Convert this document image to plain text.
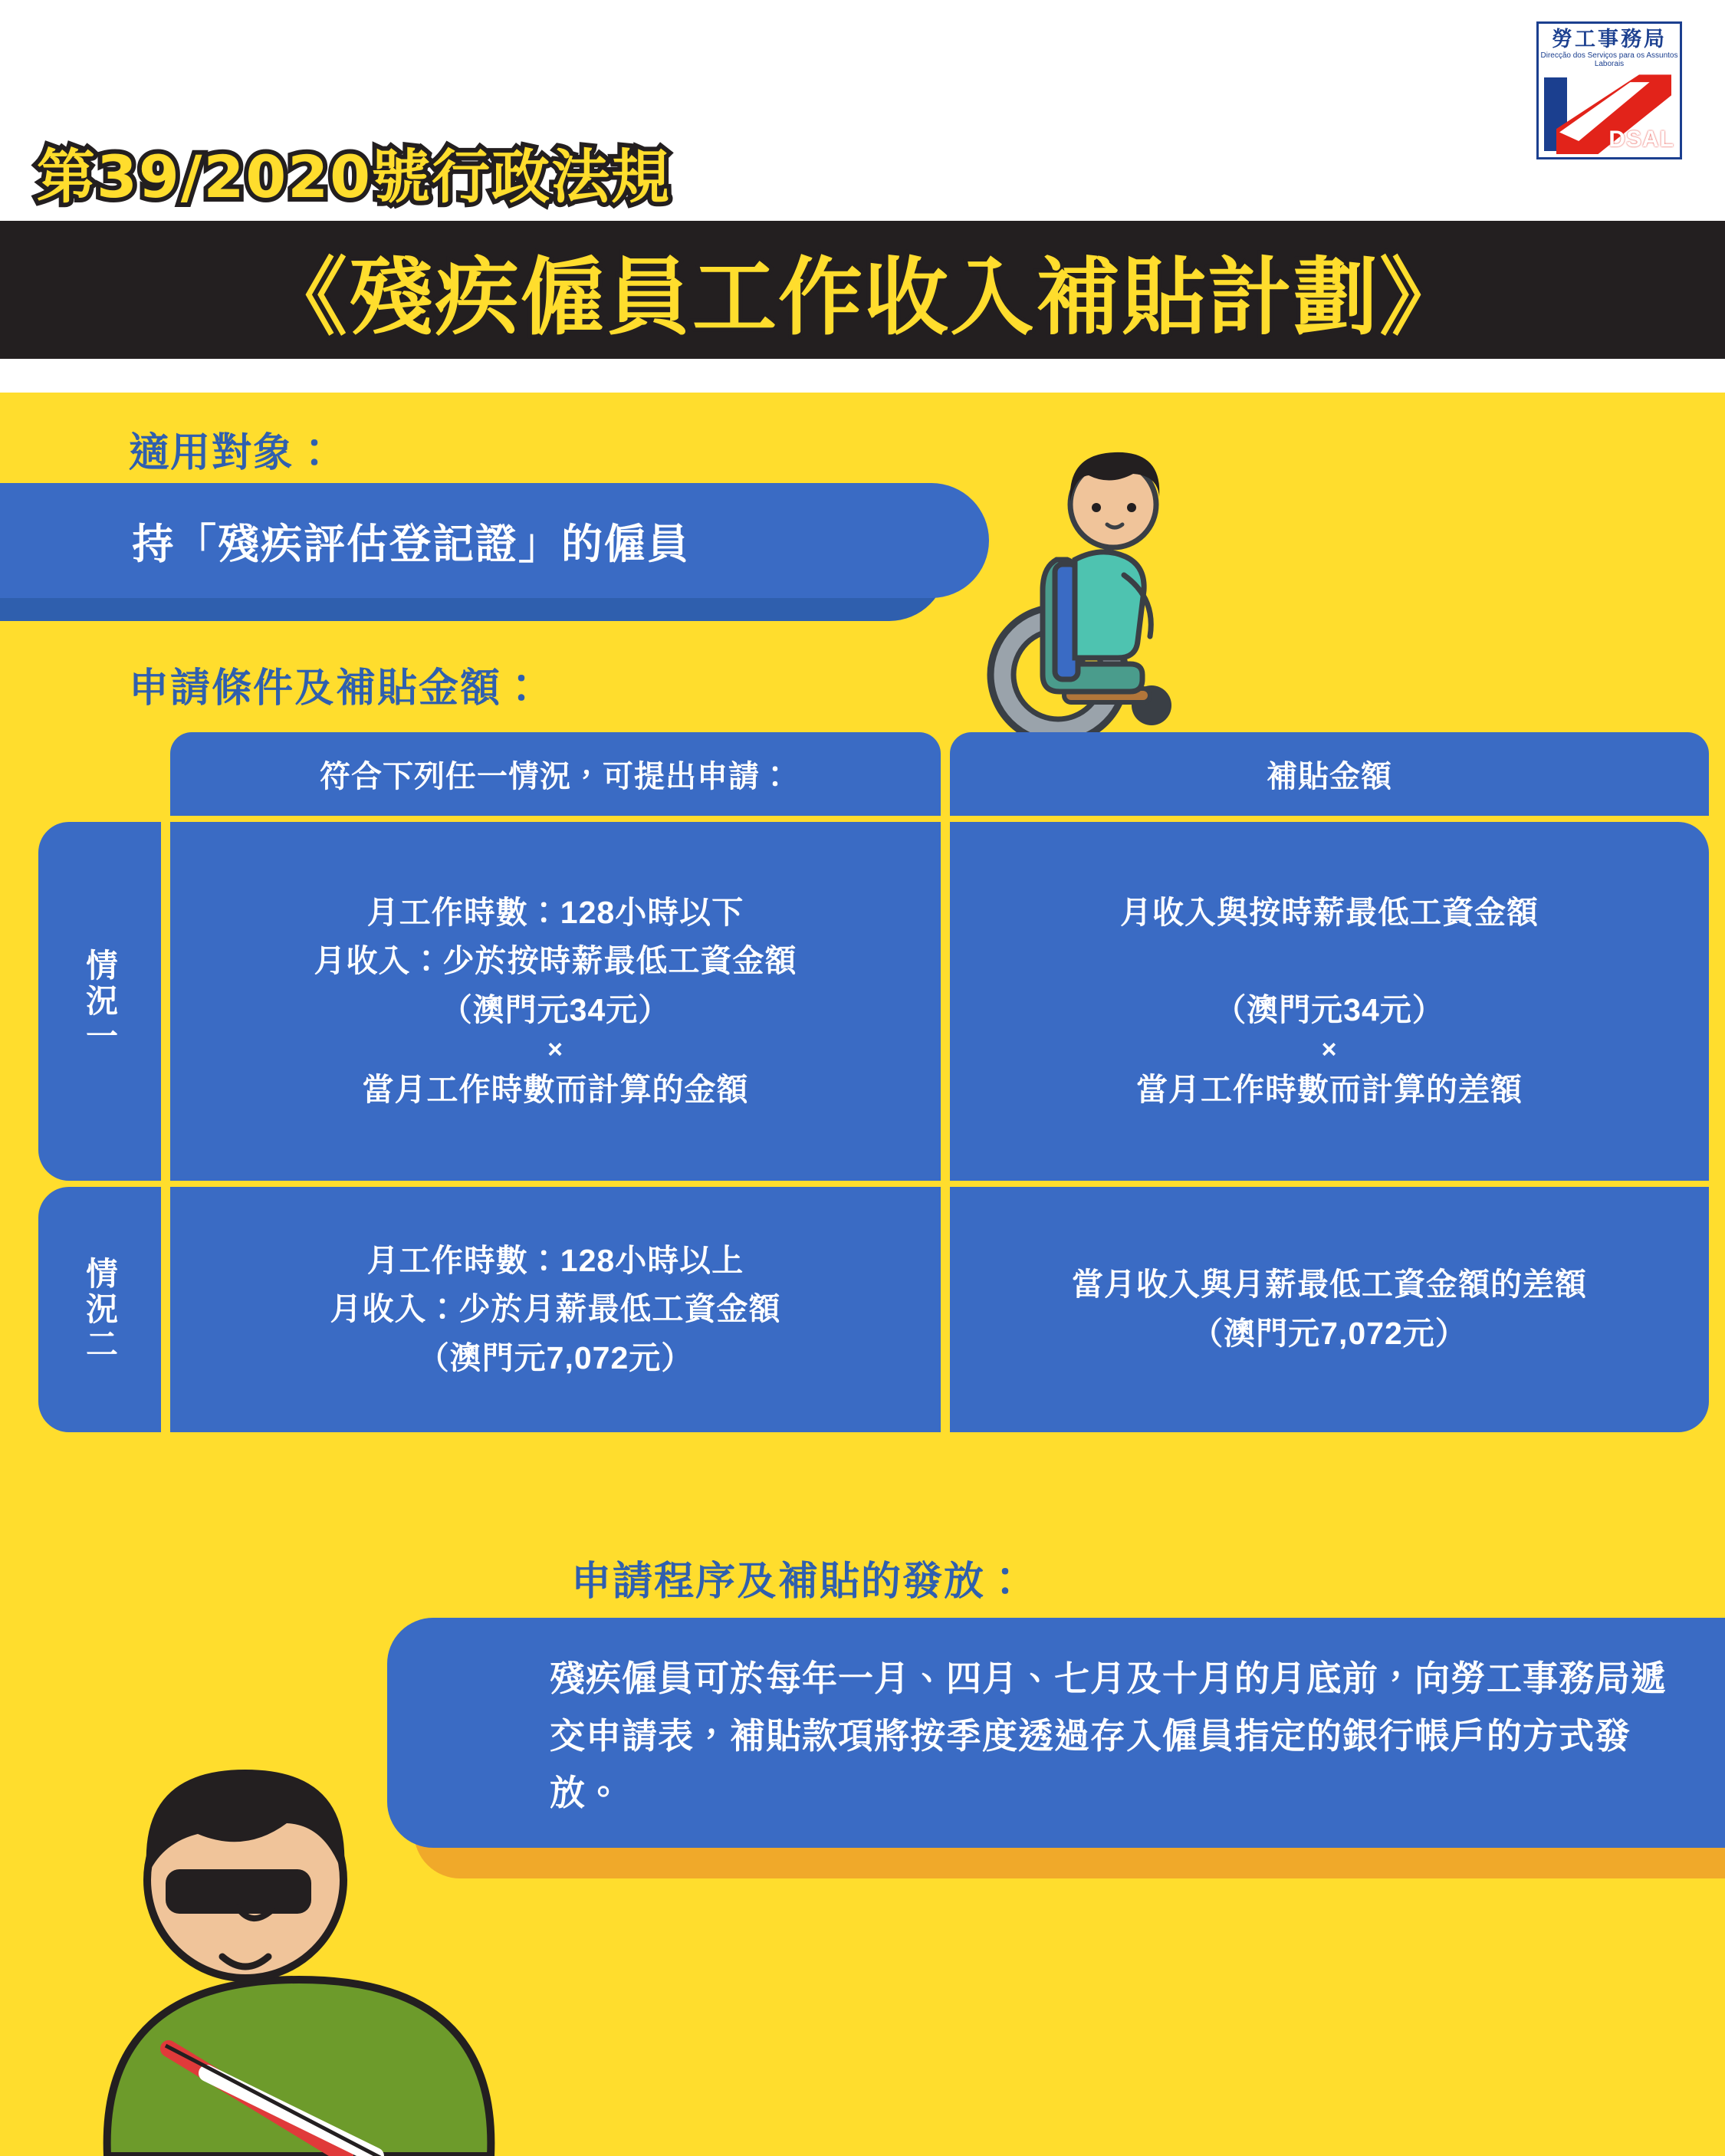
勞工事務局
Direcção dos Serviços para os Assuntos Laborais
DSAL
第39/2020號行政法規
《殘疾僱員工作收入補貼計劃》
適用對象：
持「殘疾評估登記證」的僱員
申請條件及補貼金額：
符合下列任一情況，可提出申請：	補貼金額
情況一
月工作時數：128小時以下
月收入：少於按時薪最低工資金額
（澳門元34元）
×
當月工作時數而計算的金額
月收入與按時薪最低工資金額

（澳門元34元）
×
當月工作時數而計算的差額
情況二	月工作時數：128小時以上
月收入：少於月薪最低工資金額
（澳門元7,072元）
當月收入與月薪最低工資金額的差額
（澳門元7,072元）
申請程序及補貼的發放：
殘疾僱員可於每年一月、四月、七月及十月的月底前，向勞工事務局遞交申請表，補貼款項將按季度透過存入僱員指定的銀行帳戶的方式發放。
